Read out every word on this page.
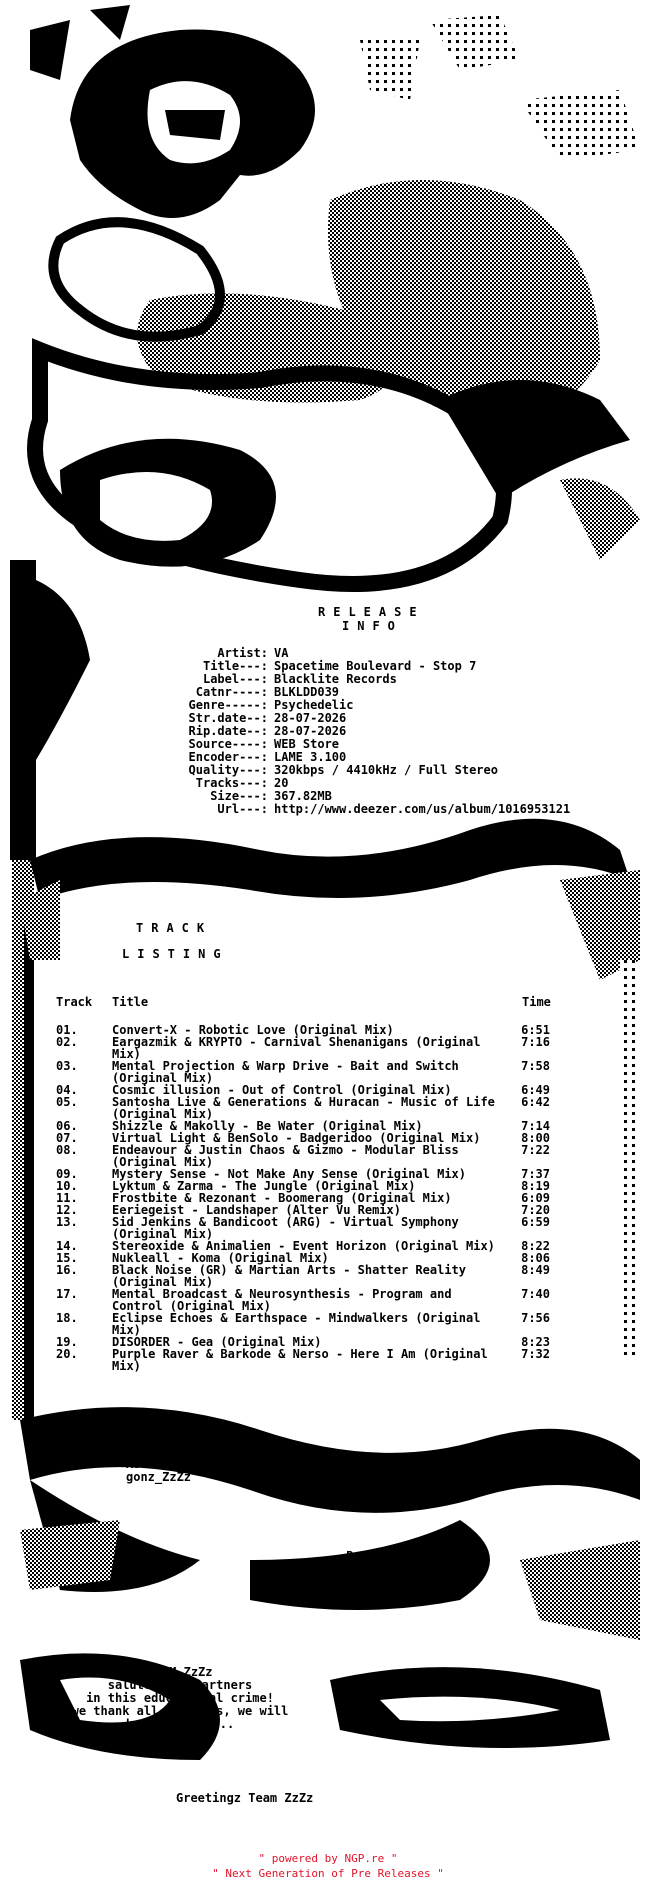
RELEASE
INFO
Artist: VA
Title---: Spacetime Boulevard - Stop 7
Label---: Blacklite Records
Catnr----: BLKLDD039
Genre-----: Psychedelic
Str.date--: 28-07-2026
Rip.date--: 28-07-2026
Source----: WEB Store
Encoder---: LAME 3.100
Quality---: 320kbps / 4410kHz / Full Stereo
Tracks---: 20
Size---: 367.82MB
Url---: http://www.deezer.com/us/album/1016953121
TRACK
LISTING
Track	Title	Time
01.	Convert-X - Robotic Love (Original Mix)	6:51
02.	Eargazmik & KRYPTO - Carnival Shenanigans (Original Mix)
7:16
03.	Mental Projection & Warp Drive - Bait and Switch (Original Mix)
7:58
04.	Cosmic illusion - Out of Control (Original Mix)	6:49
05.	Santosha Live & Generations & Huracan - Music of Life (Original Mix)
6:42
06.	Shizzle & Makolly - Be Water (Original Mix)	7:14
07.	Virtual Light & BenSolo - Badgeridoo (Original Mix)	8:00
08.	Endeavour & Justin Chaos & Gizmo - Modular Bliss (Original Mix)
7:22
09.	Mystery Sense - Not Make Any Sense (Original Mix)	7:37
10.	Lyktum & Zarma - The Jungle (Original Mix)	8:19
11.	Frostbite & Rezonant - Boomerang (Original Mix)	6:09
12.	Eeriegeist - Landshaper (Alter Vu Remix)	7:20
13.	Sid Jenkins & Bandicoot (ARG) - Virtual Symphony (Original Mix)
6:59
14.	Stereoxide & Animalien - Event Horizon (Original Mix)	8:22
15.	Nukleall - Koma (Original Mix)	8:06
16.	Black Noise (GR) & Martian Arts - Shatter Reality (Original Mix)
8:49
17.	Mental Broadcast & Neurosynthesis - Program and Control (Original Mix)
7:40
18.	Eclipse Echoes & Earthspace - Mindwalkers (Original Mix)
7:56
19.	DISORDER - Gea (Original Mix)	8:23
20.	Purple Raver & Barkode & Nerso - Here I Am (Original Mix)
7:32
ASCii by
gonz_ZzZz
.R.I.P.P.E.R.S.
.C.O.M.M.E.N.T.
TEAM ZzZz
salutes all partners
in this educational crime!
we thank all the fans, we will
keep rocking...
Greetingz Team ZzZz
" powered by NGP.re "
" Next Generation of Pre Releases "
